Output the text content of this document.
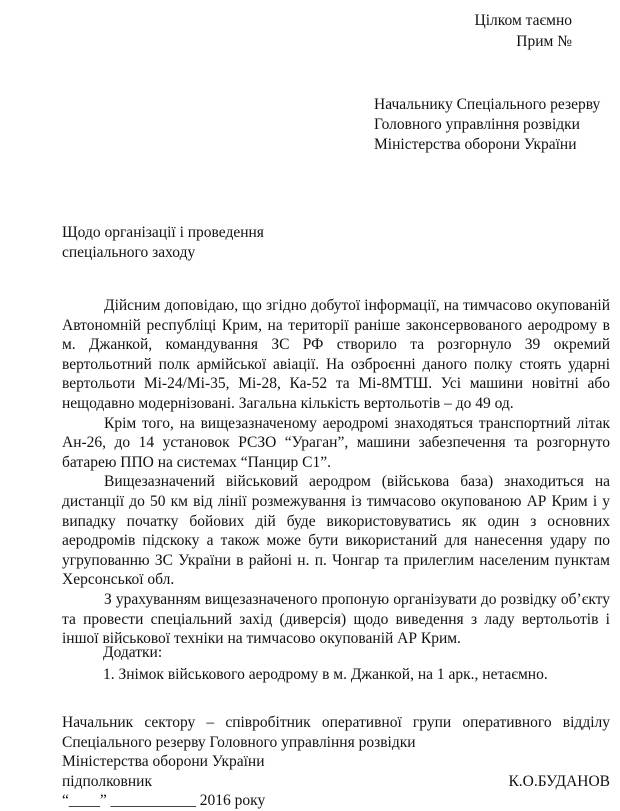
Цілком таємно
Прим №
Начальнику Спеціального резерву
Головного управління розвідки
Міністерства оборони України
Щодо організації і проведення
спеціального заходу

Дійсним доповідаю, що згідно добутої інформації, на тимчасово окупованій Автономній республіці Крим, на території раніше законсервованого аеродрому в м. Джанкой, командування ЗС РФ створило та розгорнуло 39 окремий вертольотний полк армійської авіації. На озброєнні даного полку стоять ударні вертольоти Мі-24/Мі-35, Мі-28, Ка-52 та Мі-8МТШ. Усі машини новітні або нещодавно модернізовані. Загальна кількість вертольотів – до 49 од.

Крім того, на вищезазначеному аеродромі знаходяться транспортний літак Ан-26, до 14 установок РСЗО “Ураган”, машини забезпечення та розгорнуто батарею ППО на системах “Панцир С1”.

Вищезазначений військовий аеродром (військова база) знаходиться на дистанції до 50 км від лінії розмежування із тимчасово окупованою АР Крим і у випадку початку бойових дій буде використовуватись як один з основних аеродромів підскоку а також може бути використаний для нанесення удару по угрупованню ЗС України в районі н. п. Чонгар та прилеглим населеним пунктам Херсонської обл.

З урахуванням вищезазначеного пропоную організувати до розвідку об’єкту та провести спеціальний захід (диверсія) щодо виведення з ладу вертольотів і іншої військової техніки на тимчасово окупованій АР Крим.

Додатки:
1. Знімок військового аеродрому в м. Джанкой, на 1 арк., нетаємно.
Начальник сектору – співробітник оперативної групи оперативного відділу
Спеціального резерву Головного управління розвідки
Міністерства оборони України
підполковник	К.О.БУДАНОВ
“____” ___________ 2016 року
